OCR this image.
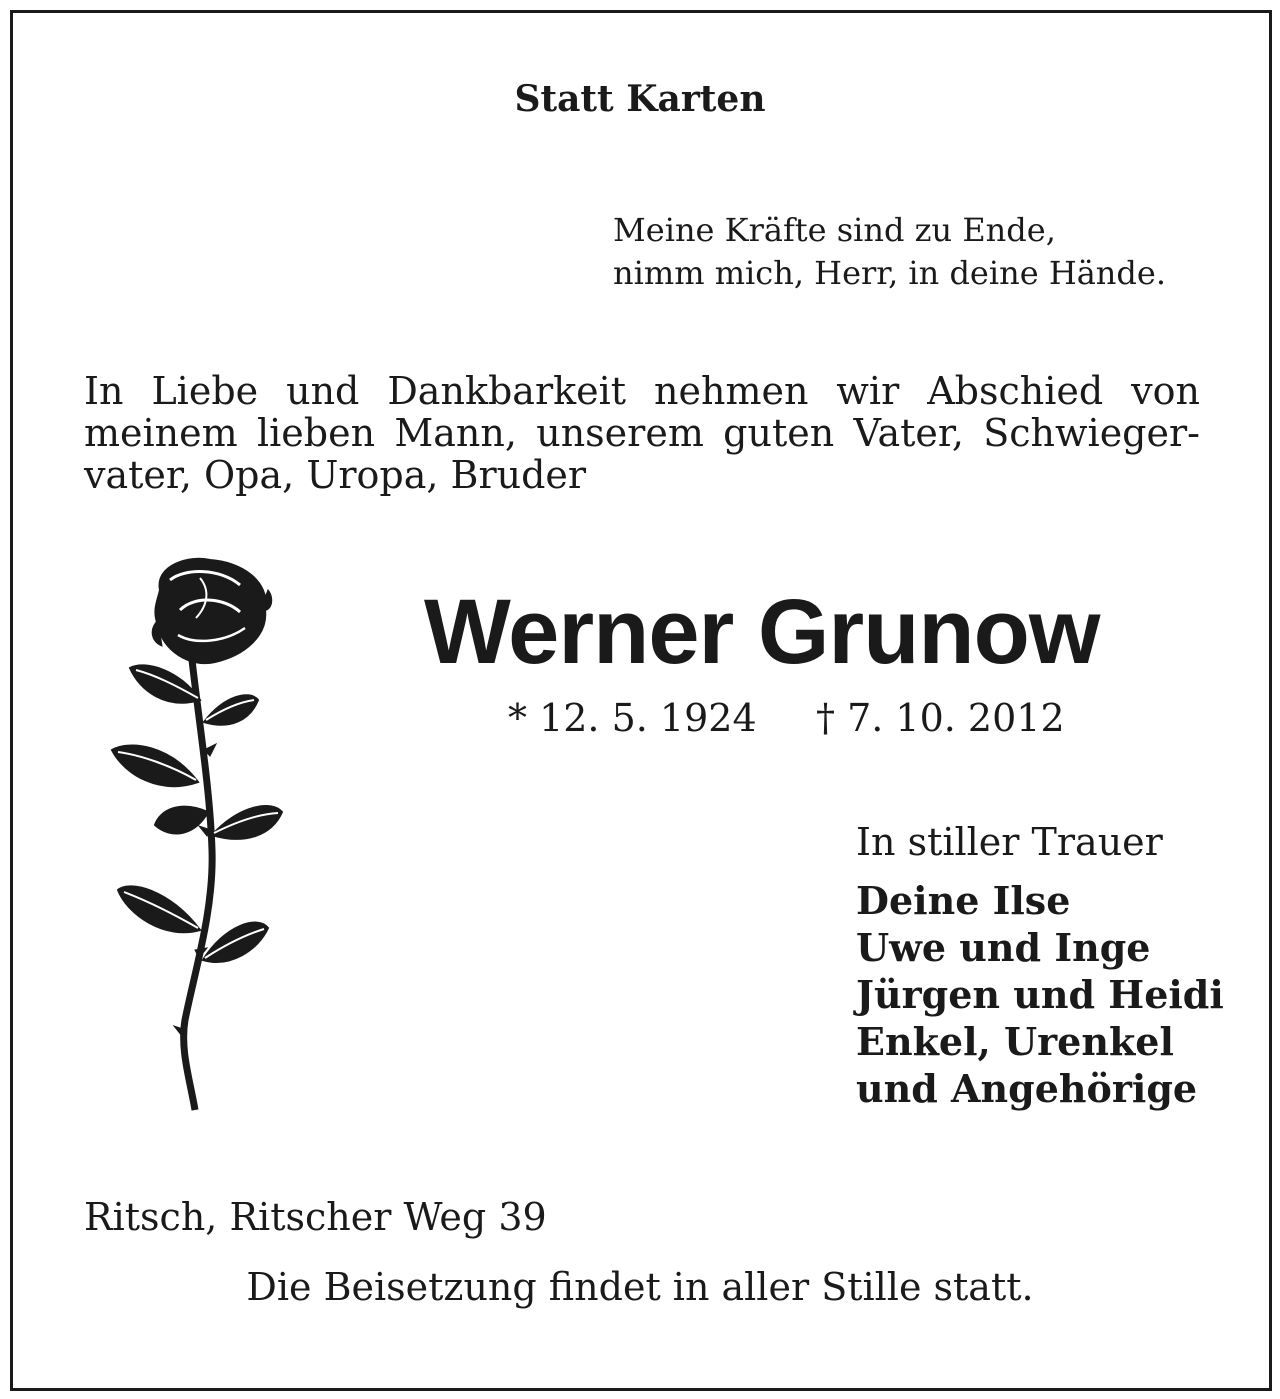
Statt Karten
Meine Kräfte sind zu Ende,
nimm mich, Herr, in deine Hände.
In Liebe und Dankbarkeit nehmen wir Abschied von
meinem lieben Mann, unserem guten Vater, Schwieger-
vater, Opa, Uropa, Bruder
Werner Grunow
* 12. 5. 1924 † 7. 10. 2012
In stiller Trauer
Deine Ilse
Uwe und Inge
Jürgen und Heidi
Enkel, Urenkel
und Angehörige
Ritsch, Ritscher Weg 39
Die Beisetzung findet in aller Stille statt.
